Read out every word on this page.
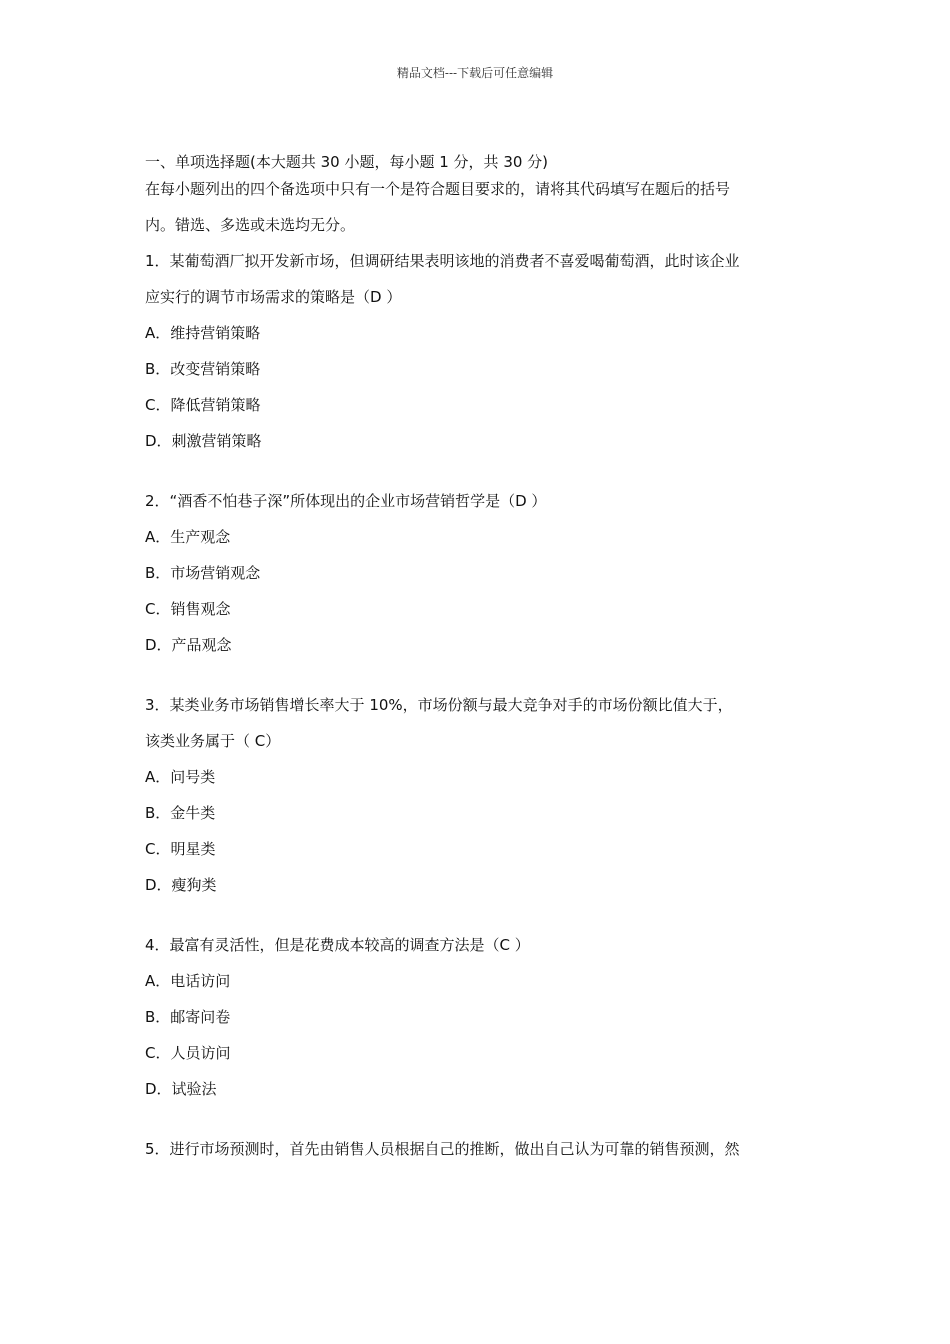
精品文档---下载后可任意编辑
一、单项选择题(本大题共 30 小题，每小题 1 分，共 30 分)
在每小题列出的四个备选项中只有一个是符合题目要求的，请将其代码填写在题后的括号
内。错选、多选或未选均无分。
1．某葡萄酒厂拟开发新市场，但调研结果表明该地的消费者不喜爱喝葡萄酒，此时该企业
应实行的调节市场需求的策略是（D ）
A．维持营销策略
B．改变营销策略
C．降低营销策略
D．刺激营销策略
2．“酒香不怕巷子深”所体现出的企业市场营销哲学是（D ）
A．生产观念
B．市场营销观念
C．销售观念
D．产品观念
3．某类业务市场销售增长率大于 10%，市场份额与最大竞争对手的市场份额比值大于，
该类业务属于（ C）
A．问号类
B．金牛类
C．明星类
D．瘦狗类
4．最富有灵活性，但是花费成本较高的调查方法是（C ）
A．电话访问
B．邮寄问卷
C．人员访问
D．试验法
5．进行市场预测时，首先由销售人员根据自己的推断，做出自己认为可靠的销售预测，然
